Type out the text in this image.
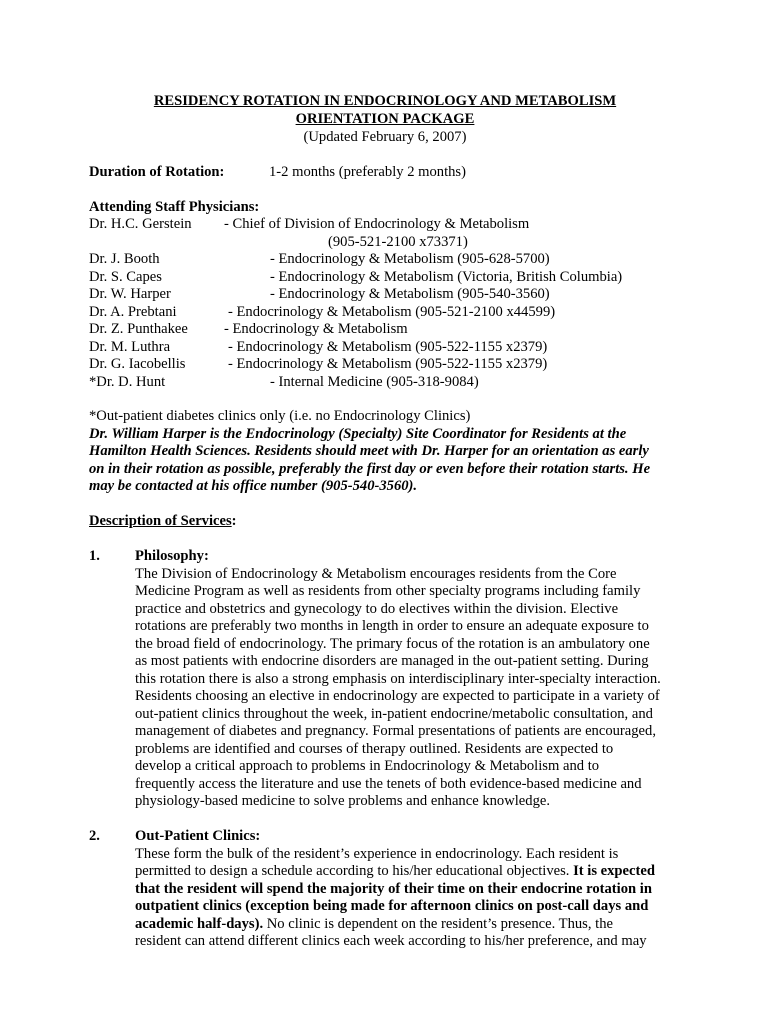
RESIDENCY ROTATION IN ENDOCRINOLOGY AND METABOLISM

ORIENTATION PACKAGE

(Updated February 6, 2007)

Duration of Rotation:	1-2 months (preferably 2 months)

Attending Staff Physicians:

Dr. H.C. Gerstein - Chief of Division of Endocrinology & Metabolism

(905-521-2100 x73371)

Dr. J. Booth	- Endocrinology & Metabolism (905-628-5700)

Dr. S. Capes	- Endocrinology & Metabolism (Victoria, British Columbia)

Dr. W. Harper	- Endocrinology & Metabolism (905-540-3560)

Dr. A. Prebtani	- Endocrinology & Metabolism (905-521-2100 x44599)

Dr. Z. Punthakee - Endocrinology & Metabolism

Dr. M. Luthra	- Endocrinology & Metabolism (905-522-1155 x2379)

Dr. G. Iacobellis	- Endocrinology & Metabolism (905-522-1155 x2379)

*Dr. D. Hunt	- Internal Medicine (905-318-9084)

*Out-patient diabetes clinics only (i.e. no Endocrinology Clinics)

Dr. William Harper is the Endocrinology (Specialty) Site Coordinator for Residents at the

Hamilton Health Sciences. Residents should meet with Dr. Harper for an orientation as early

on in their rotation as possible, preferably the first day or even before their rotation starts. He

may be contacted at his office number (905-540-3560).

Description of Services:

1. Philosophy:

The Division of Endocrinology & Metabolism encourages residents from the Core

Medicine Program as well as residents from other specialty programs including family

practice and obstetrics and gynecology to do electives within the division. Elective

rotations are preferably two months in length in order to ensure an adequate exposure to

the broad field of endocrinology. The primary focus of the rotation is an ambulatory one

as most patients with endocrine disorders are managed in the out-patient setting. During

this rotation there is also a strong emphasis on interdisciplinary inter-specialty interaction.

Residents choosing an elective in endocrinology are expected to participate in a variety of

out-patient clinics throughout the week, in-patient endocrine/metabolic consultation, and

management of diabetes and pregnancy. Formal presentations of patients are encouraged,

problems are identified and courses of therapy outlined. Residents are expected to

develop a critical approach to problems in Endocrinology & Metabolism and to

frequently access the literature and use the tenets of both evidence-based medicine and

physiology-based medicine to solve problems and enhance knowledge.

2. Out-Patient Clinics:

These form the bulk of the resident’s experience in endocrinology. Each resident is

permitted to design a schedule according to his/her educational objectives. It is expected

that the resident will spend the majority of their time on their endocrine rotation in

outpatient clinics (exception being made for afternoon clinics on post-call days and

academic half-days). No clinic is dependent on the resident’s presence. Thus, the

resident can attend different clinics each week according to his/her preference, and may
